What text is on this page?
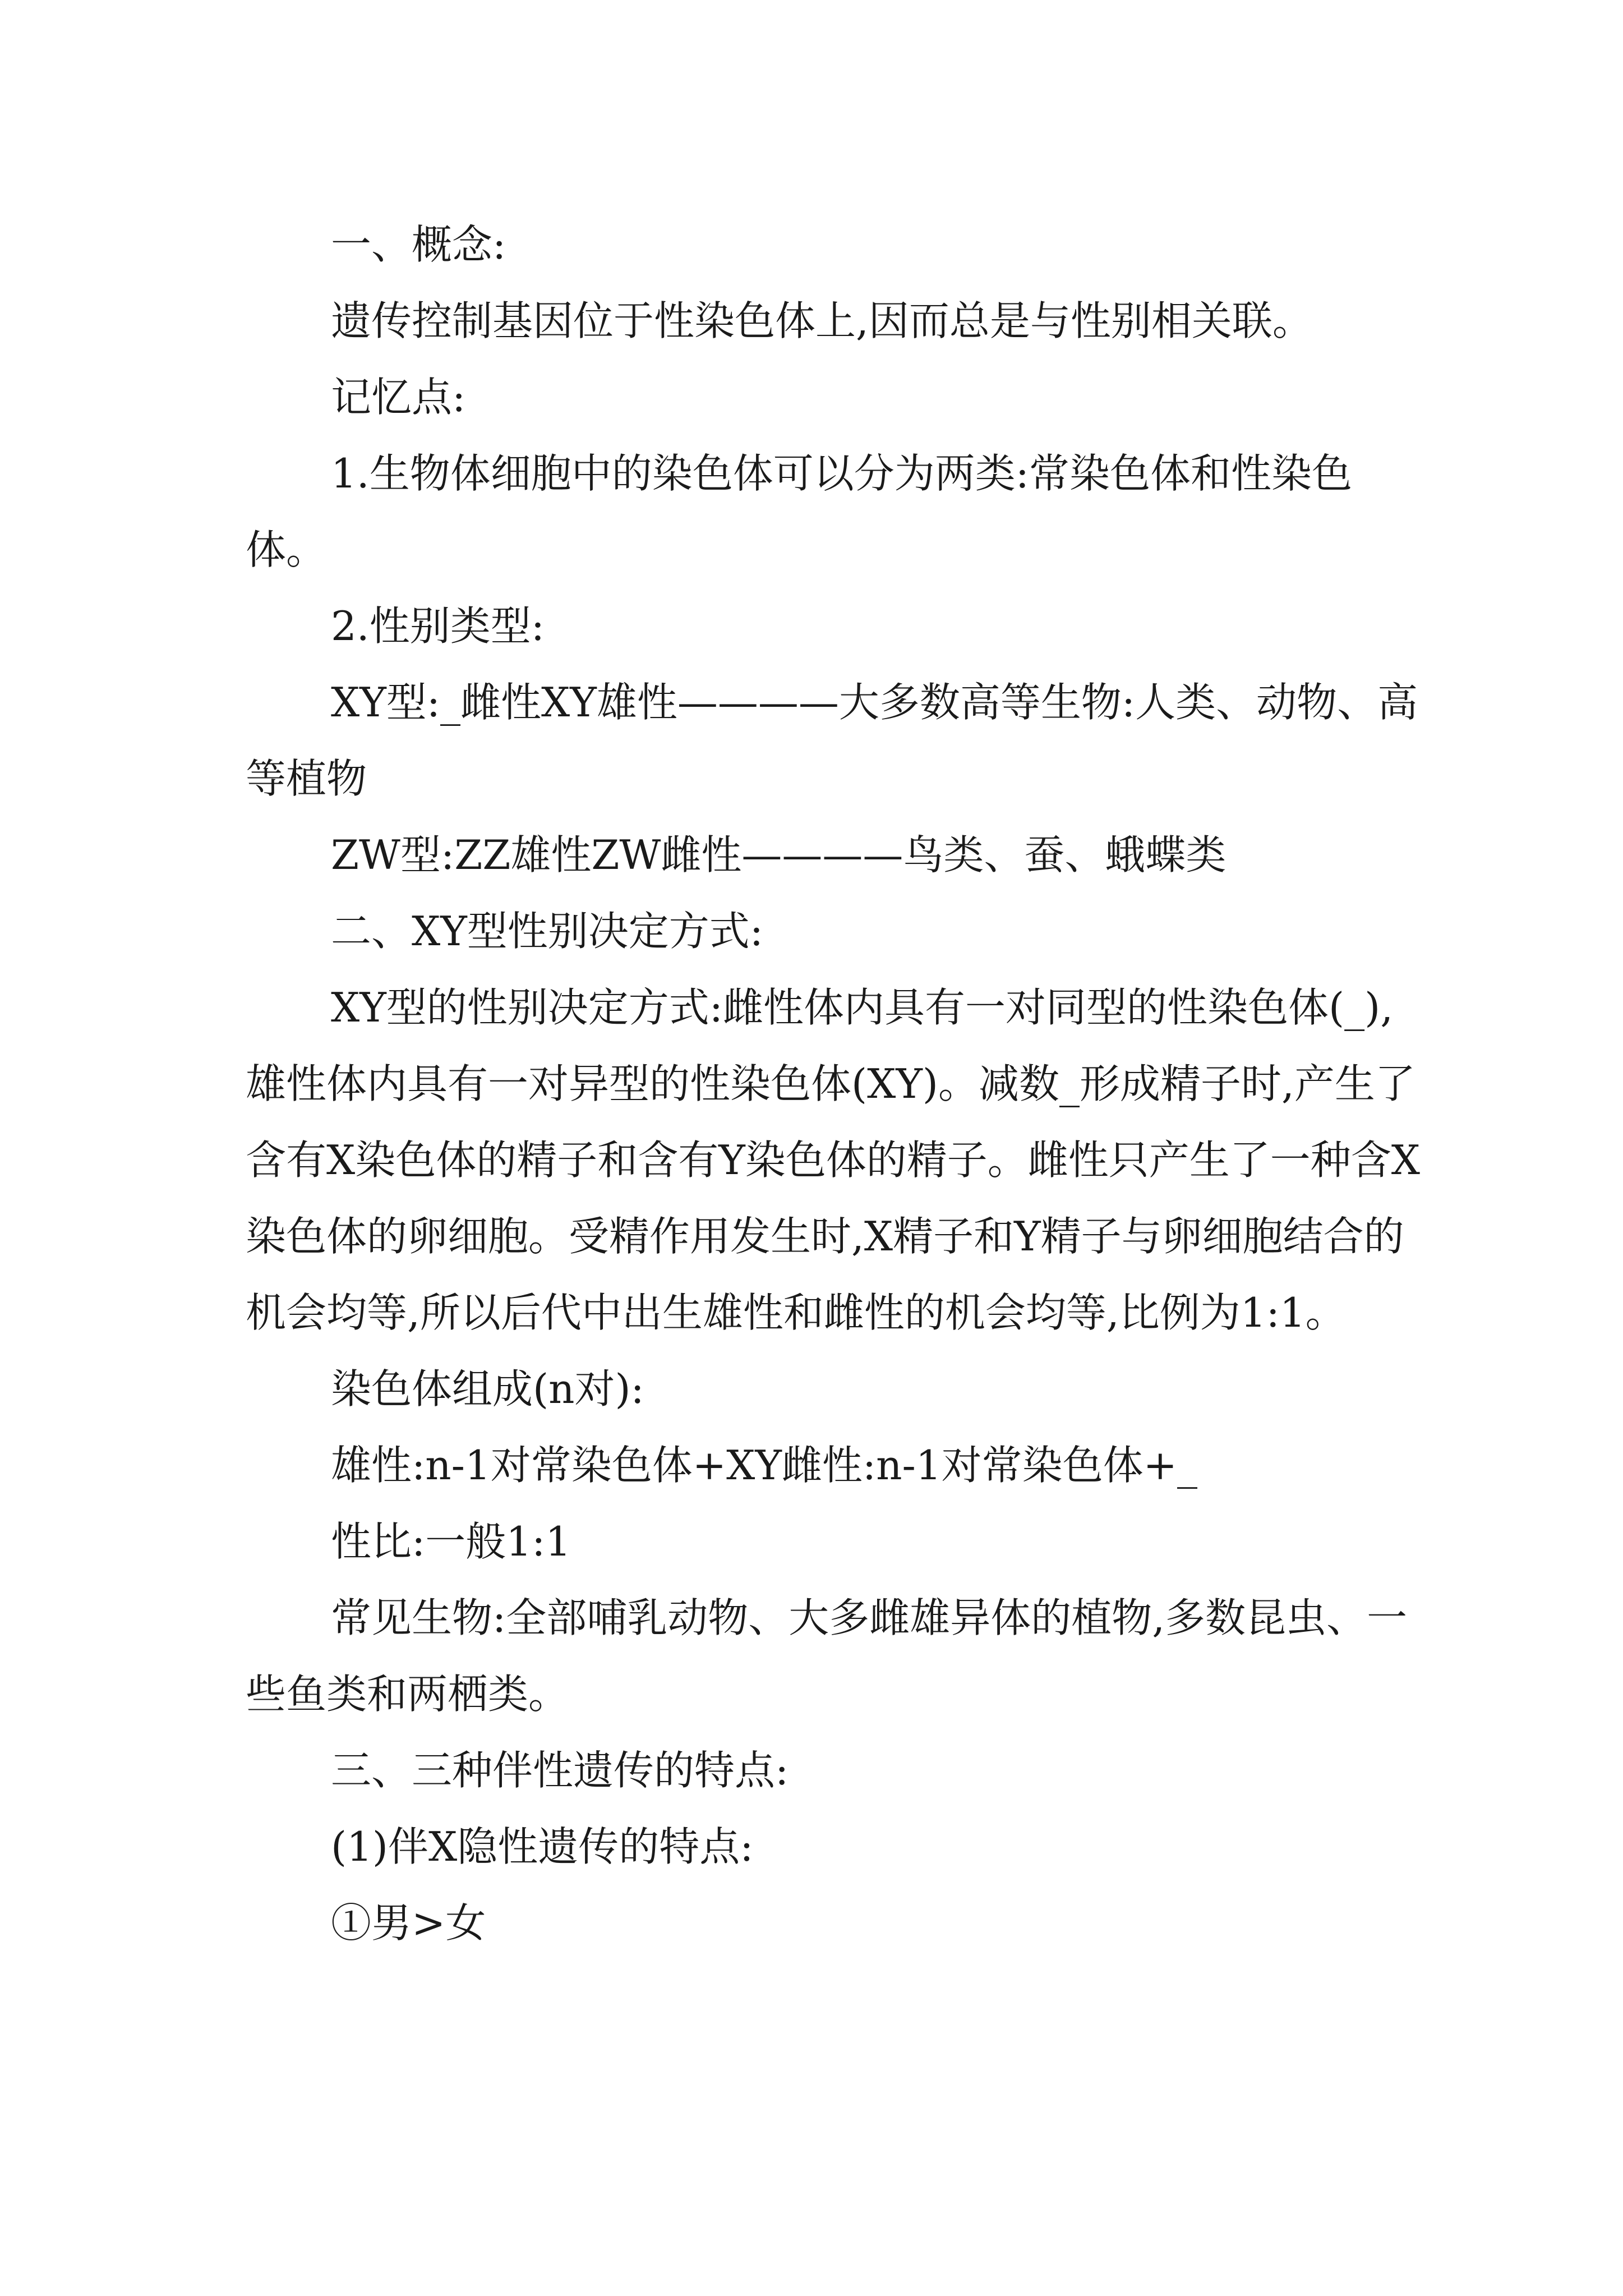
一、概念:

遗传控制基因位于性染色体上,因而总是与性别相关联。

记忆点:

1.生物体细胞中的染色体可以分为两类:常染色体和性染色体。

2.性别类型:

XY型:_雌性XY雄性————大多数高等生物:人类、动物、高等植物

ZW型:ZZ雄性ZW雌性————鸟类、蚕、蛾蝶类

二、XY型性别决定方式:

XY型的性别决定方式:雌性体内具有一对同型的性染色体(_),雄性体内具有一对异型的性染色体(XY)。减数_形成精子时,产生了含有X染色体的精子和含有Y染色体的精子。雌性只产生了一种含X染色体的卵细胞。受精作用发生时,X精子和Y精子与卵细胞结合的机会均等,所以后代中出生雄性和雌性的机会均等,比例为1:1。

染色体组成(n对):

雄性:n-1对常染色体+XY雌性:n-1对常染色体+_

性比:一般1:1

常见生物:全部哺乳动物、大多雌雄异体的植物,多数昆虫、一些鱼类和两栖类。

三、三种伴性遗传的特点:

(1)伴X隐性遗传的特点:

①男>女
